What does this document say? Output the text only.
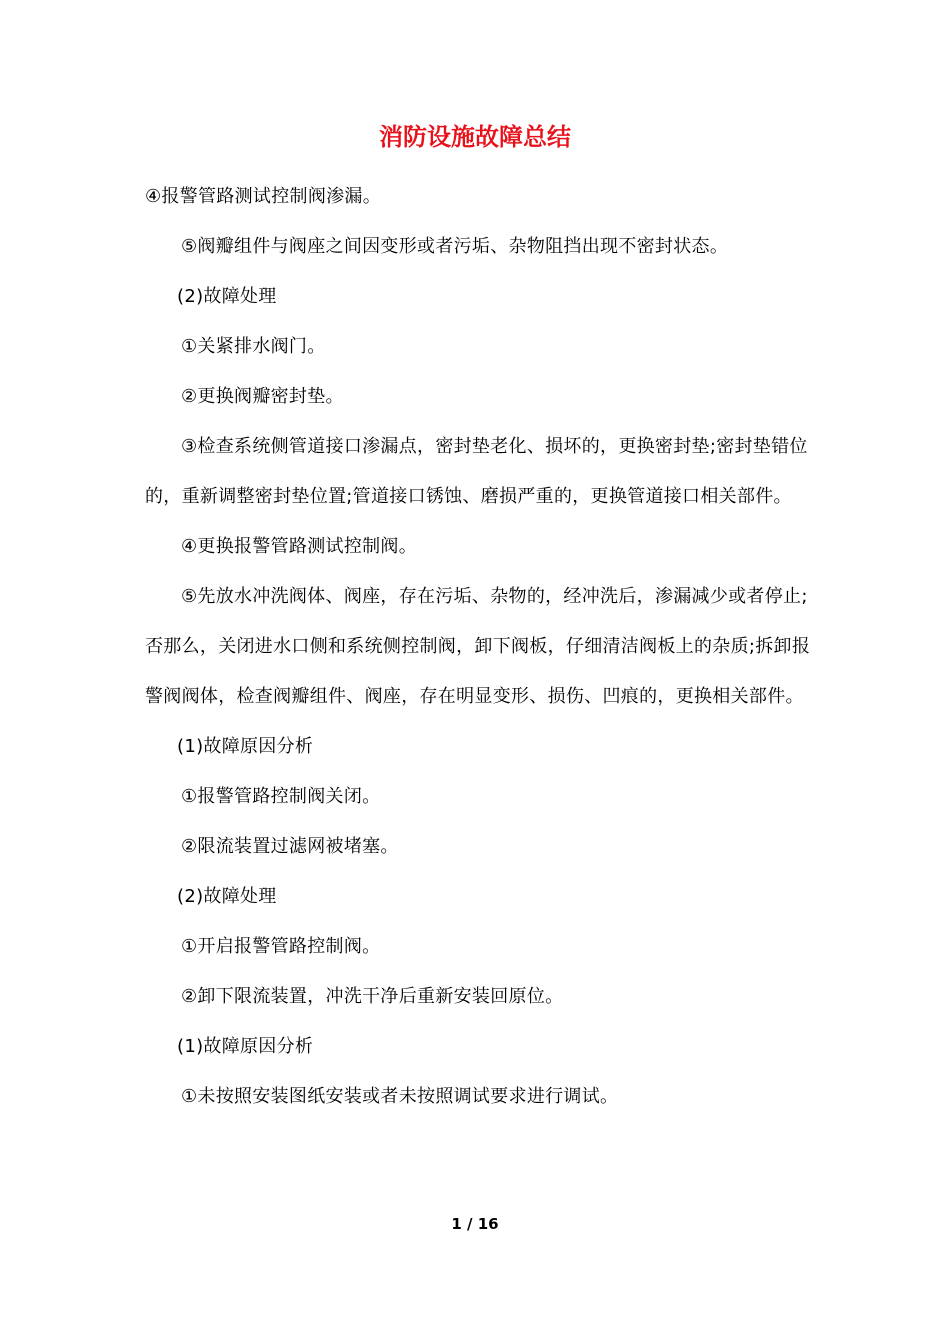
消防设施故障总结

④报警管路测试控制阀渗漏。

⑤阀瓣组件与阀座之间因变形或者污垢、杂物阻挡出现不密封状态。

(2)故障处理

①关紧排水阀门。

②更换阀瓣密封垫。

③检查系统侧管道接口渗漏点，密封垫老化、损坏的，更换密封垫;密封垫错位的，重新调整密封垫位置;管道接口锈蚀、磨损严重的，更换管道接口相关部件。

④更换报警管路测试控制阀。

⑤先放水冲洗阀体、阀座，存在污垢、杂物的，经冲洗后，渗漏减少或者停止;否那么，关闭进水口侧和系统侧控制阀，卸下阀板，仔细清洁阀板上的杂质;拆卸报警阀阀体，检查阀瓣组件、阀座，存在明显变形、损伤、凹痕的，更换相关部件。

(1)故障原因分析

①报警管路控制阀关闭。

②限流装置过滤网被堵塞。

(2)故障处理

①开启报警管路控制阀。

②卸下限流装置，冲洗干净后重新安装回原位。

(1)故障原因分析

①未按照安装图纸安装或者未按照调试要求进行调试。

1 / 16
